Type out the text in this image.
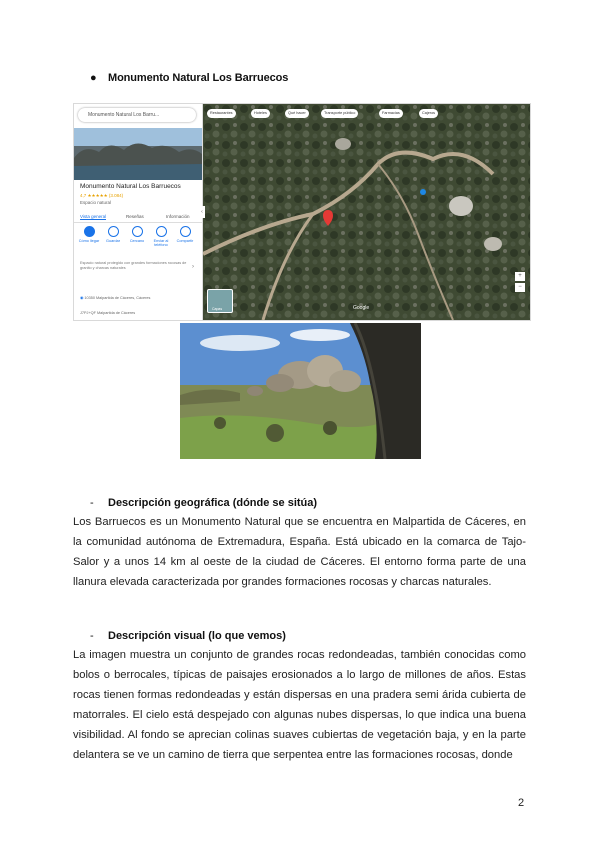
● Monumento Natural Los Barruecos
Monumento Natural Los Barru...
Monumento Natural Los Barruecos
4,7 ★★★★★ (3.084)
Espacio natural
Vista general	Reseñas	Información
Cómo llegar	Guardar	Cercano	Enviar al teléfono
Compartir
Espacio natural protegido con grandes formaciones rocosas de granito y charcas naturales	›
◉ 10350 Malpartida de Cáceres, Cáceres
J7PJ+QF Malpartida de Cáceres
Restaurantes	Hoteles	Qué hacer	Transporte público	Farmacias	Cajeros
Capas	Google
+
−
‹
- Descripción geográfica (dónde se sitúa)
Los Barruecos es un Monumento Natural que se encuentra en Malpartida de Cáceres, en la comunidad autónoma de Extremadura, España. Está ubicado en la comarca de Tajo-Salor y a unos 14 km al oeste de la ciudad de Cáceres. El entorno forma parte de una llanura elevada caracterizada por grandes formaciones rocosas y charcas naturales.
- Descripción visual (lo que vemos)
La imagen muestra un conjunto de grandes rocas redondeadas, también conocidas como bolos o berrocales, típicas de paisajes erosionados a lo largo de millones de años. Estas rocas tienen formas redondeadas y están dispersas en una pradera semi árida cubierta de matorrales. El cielo está despejado con algunas nubes dispersas, lo que indica una buena visibilidad. Al fondo se aprecian colinas suaves cubiertas de vegetación baja, y en la parte delantera se ve un camino de tierra que serpentea entre las formaciones rocosas, donde
2
